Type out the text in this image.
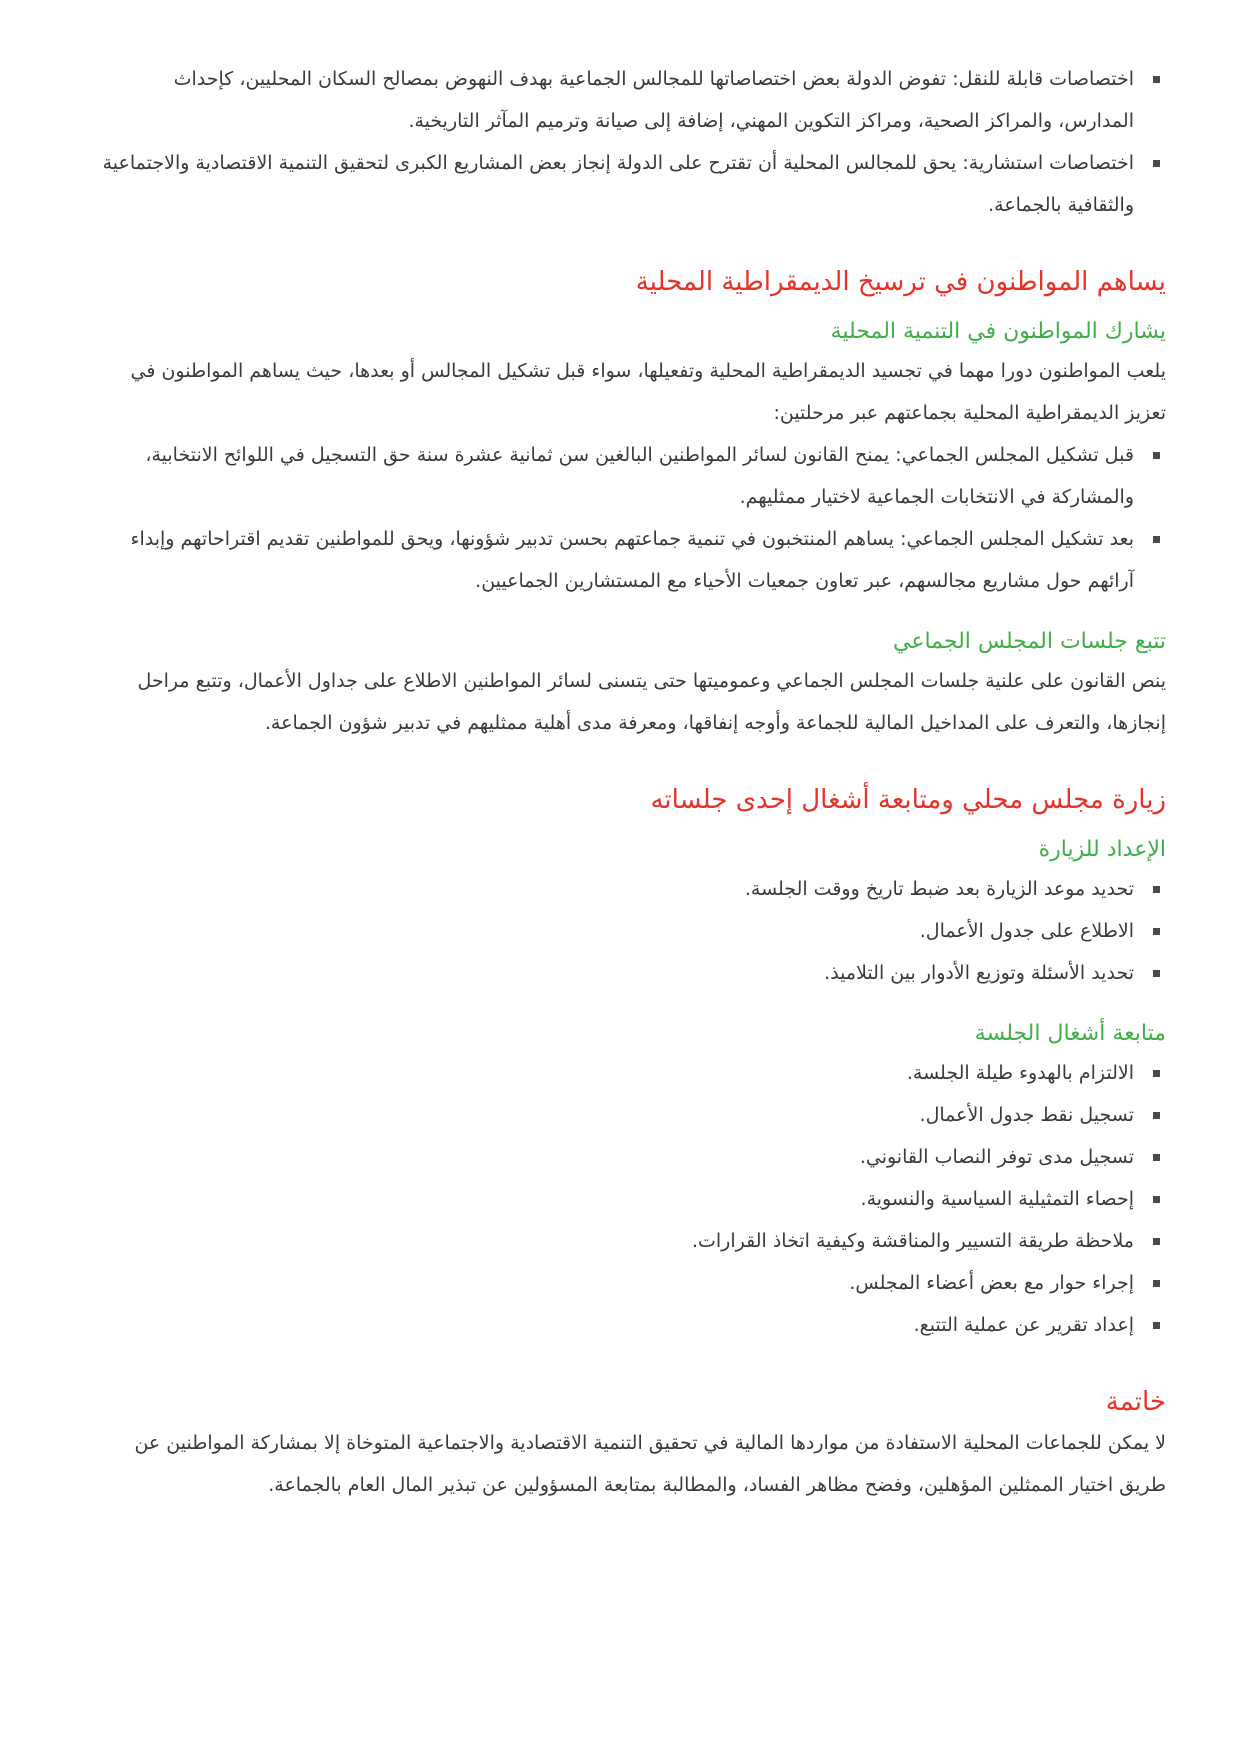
اختصاصات قابلة للنقل: تفوض الدولة بعض اختصاصاتها للمجالس الجماعية بهدف النهوض بمصالح السكان المحليين، كإحداث المدارس، والمراكز الصحية، ومراكز التكوين المهني، إضافة إلى صيانة وترميم المآثر التاريخية.
اختصاصات استشارية: يحق للمجالس المحلية أن تقترح على الدولة إنجاز بعض المشاريع الكبرى لتحقيق التنمية الاقتصادية والاجتماعية والثقافية بالجماعة.
يساهم المواطنون في ترسيخ الديمقراطية المحلية
يشارك المواطنون في التنمية المحلية

يلعب المواطنون دورا مهما في تجسيد الديمقراطية المحلية وتفعيلها، سواء قبل تشكيل المجالس أو بعدها، حيث يساهم المواطنون في تعزيز الديمقراطية المحلية بجماعتهم عبر مرحلتين:

قبل تشكيل المجلس الجماعي: يمنح القانون لسائر المواطنين البالغين سن ثمانية عشرة سنة حق التسجيل في اللوائح الانتخابية، والمشاركة في الانتخابات الجماعية لاختيار ممثليهم.
بعد تشكيل المجلس الجماعي: يساهم المنتخبون في تنمية جماعتهم بحسن تدبير شؤونها، ويحق للمواطنين تقديم اقتراحاتهم وإبداء آرائهم حول مشاريع مجالسهم، عبر تعاون جمعيات الأحياء مع المستشارين الجماعيين.
تتبع جلسات المجلس الجماعي

ينص القانون على علنية جلسات المجلس الجماعي وعموميتها حتى يتسنى لسائر المواطنين الاطلاع على جداول الأعمال، وتتبع مراحل إنجازها، والتعرف على المداخيل المالية للجماعة وأوجه إنفاقها، ومعرفة مدى أهلية ممثليهم في تدبير شؤون الجماعة.

زيارة مجلس محلي ومتابعة أشغال إحدى جلساته
الإعداد للزيارة
تحديد موعد الزيارة بعد ضبط تاريخ ووقت الجلسة.
الاطلاع على جدول الأعمال.
تحديد الأسئلة وتوزيع الأدوار بين التلاميذ.
متابعة أشغال الجلسة
الالتزام بالهدوء طيلة الجلسة.
تسجيل نقط جدول الأعمال.
تسجيل مدى توفر النصاب القانوني.
إحصاء التمثيلية السياسية والنسوية.
ملاحظة طريقة التسيير والمناقشة وكيفية اتخاذ القرارات.
إجراء حوار مع بعض أعضاء المجلس.
إعداد تقرير عن عملية التتبع.
خاتمة

لا يمكن للجماعات المحلية الاستفادة من مواردها المالية في تحقيق التنمية الاقتصادية والاجتماعية المتوخاة إلا بمشاركة المواطنين عن طريق اختيار الممثلين المؤهلين، وفضح مظاهر الفساد، والمطالبة بمتابعة المسؤولين عن تبذير المال العام بالجماعة.
